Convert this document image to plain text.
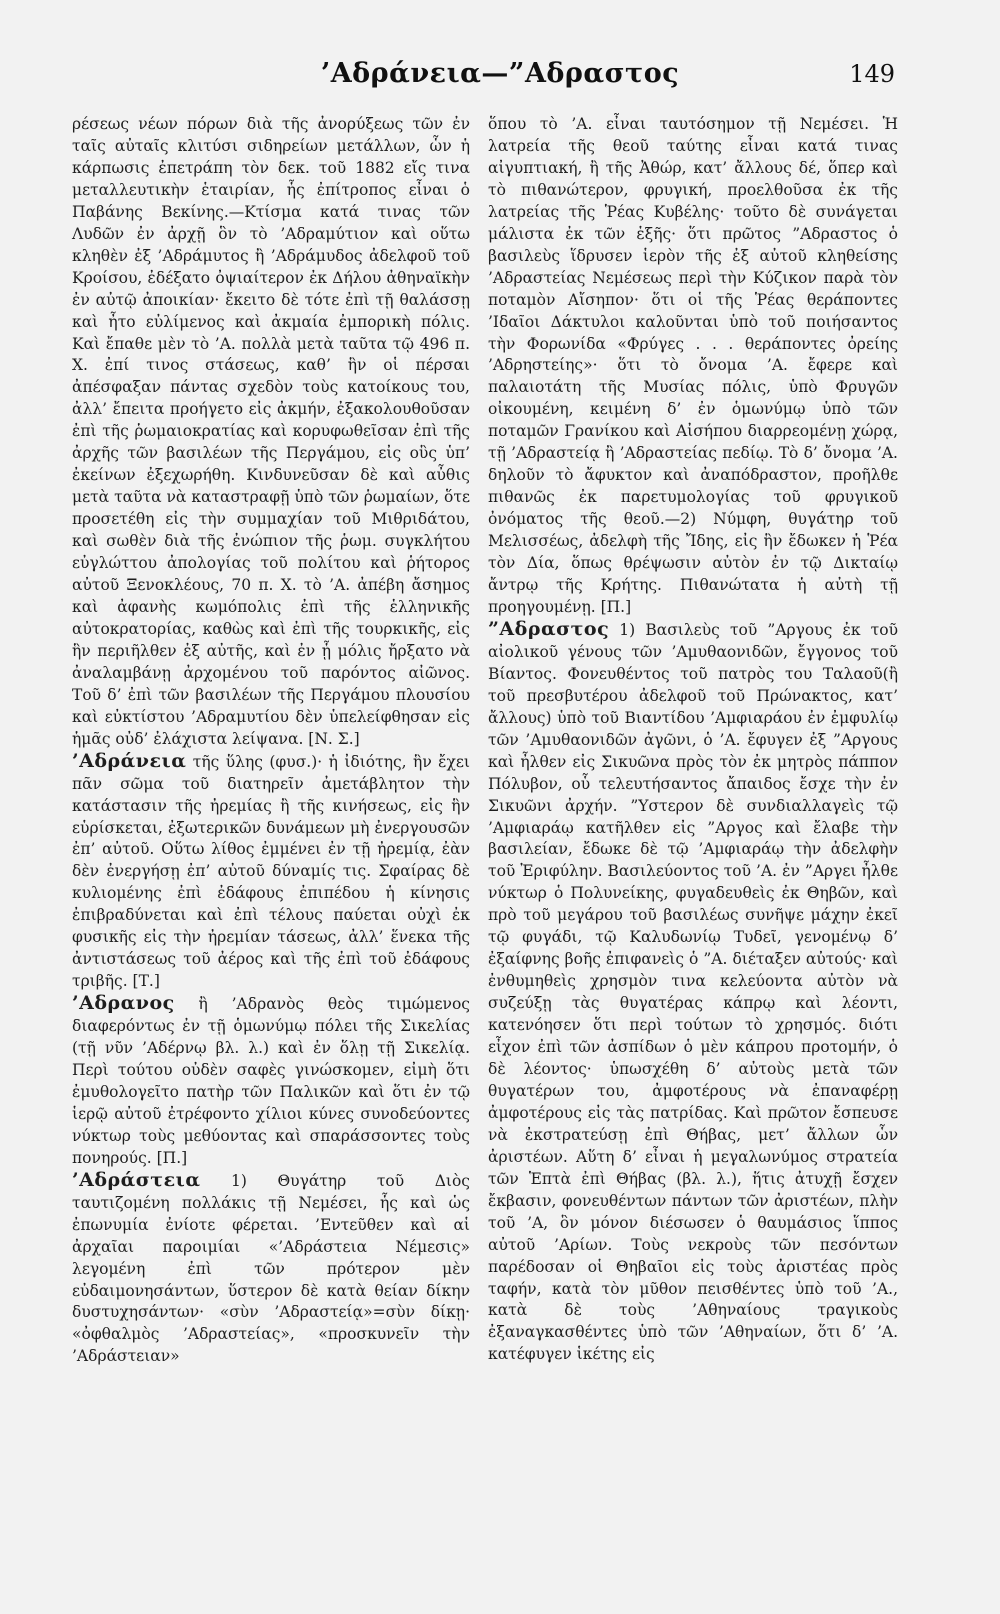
’Αδράνεια—”Αδραστος	149

ρέσεως νέων πόρων διὰ τῆς ἀνορύξεως τῶν ἐν ταῖς αὐταῖς κλιτύσι σιδηρείων μετάλλων, ὧν ἡ κάρπωσις ἐπετράπη τὸν δεκ. τοῦ 1882 εἴς τινα μεταλλευτικὴν ἑταιρίαν, ἧς ἐπίτροπος εἶναι ὁ Παβάνης Βεκίνης.—Κτίσμα κατά τινας τῶν Λυδῶν ἐν ἀρχῇ ὃν τὸ ’Αδραμύτιον καὶ οὕτω κληθὲν ἐξ ’Αδράμυτος ἢ ’Αδράμυδος ἀδελφοῦ τοῦ Κροίσου, ἐδέξατο ὀψιαίτερον ἐκ Δήλου ἀθηναϊκὴν ἐν αὐτῷ ἀποικίαν· ἔκειτο δὲ τότε ἐπὶ τῇ θαλάσσῃ καὶ ἦτο εὐλίμενος καὶ ἀκμαία ἐμπορικὴ πόλις. Καὶ ἔπαθε μὲν τὸ ’Α. πολλὰ μετὰ ταῦτα τῷ 496 π. Χ. ἐπί τινος στάσεως, καθ’ ἣν οἱ πέρσαι ἀπέσφαξαν πάντας σχεδὸν τοὺς κατοίκους του, ἀλλ’ ἔπειτα προήγετο εἰς ἀκμήν, ἐξακολουθοῦσαν ἐπὶ τῆς ῥωμαιοκρατίας καὶ κορυφωθεῖσαν ἐπὶ τῆς ἀρχῆς τῶν βασιλέων τῆς Περγάμου, εἰς οὓς ὑπ’ ἐκείνων ἐξεχωρήθη. Κινδυνεῦσαν δὲ καὶ αὖθις μετὰ ταῦτα νὰ καταστραφῇ ὑπὸ τῶν ῥωμαίων, ὅτε προσετέθη εἰς τὴν συμμαχίαν τοῦ Μιθριδάτου, καὶ σωθὲν διὰ τῆς ἐνώπιον τῆς ῥωμ. συγκλήτου εὐγλώττου ἀπολογίας τοῦ πολίτου καὶ ῥήτορος αὐτοῦ Ξενοκλέους, 70 π. Χ. τὸ ’Α. ἀπέβη ἄσημος καὶ ἀφανὴς κωμόπολις ἐπὶ τῆς ἑλληνικῆς αὐτοκρατορίας, καθὼς καὶ ἐπὶ τῆς τουρκικῆς, εἰς ἣν περιῆλθεν ἐξ αὐτῆς, καὶ ἐν ᾗ μόλις ἤρξατο νὰ ἀναλαμβάνῃ ἀρχομένου τοῦ παρόντος αἰῶνος. Τοῦ δ’ ἐπὶ τῶν βασιλέων τῆς Περγάμου πλουσίου καὶ εὐκτίστου ’Αδραμυτίου δὲν ὑπελείφθησαν εἰς ἡμᾶς οὐδ’ ἐλάχιστα λείψανα. [Ν. Σ.]

’Αδράνεια τῆς ὕλης (φυσ.)· ἡ ἰδιότης, ἣν ἔχει πᾶν σῶμα τοῦ διατηρεῖν ἀμετάβλητον τὴν κατάστασιν τῆς ἠρεμίας ἢ τῆς κινήσεως, εἰς ἣν εὑρίσκεται, ἐξωτερικῶν δυνάμεων μὴ ἐνεργουσῶν ἐπ’ αὐτοῦ. Οὕτω λίθος ἐμμένει ἐν τῇ ἠρεμίᾳ, ἐὰν δὲν ἐνεργήσῃ ἐπ’ αὐτοῦ δύναμίς τις. Σφαίρας δὲ κυλιομένης ἐπὶ ἐδάφους ἐπιπέδου ἡ κίνησις ἐπιβραδύνεται καὶ ἐπὶ τέλους παύεται οὐχὶ ἐκ φυσικῆς εἰς τὴν ἠρεμίαν τάσεως, ἀλλ’ ἕνεκα τῆς ἀντιστάσεως τοῦ ἀέρος καὶ τῆς ἐπὶ τοῦ ἐδάφους τριβῆς. [Τ.]

’Αδρανος ἢ ’Αδρανὸς θεὸς τιμώμενος διαφερόντως ἐν τῇ ὁμωνύμῳ πόλει τῆς Σικελίας (τῇ νῦν ’Αδέρνῳ βλ. λ.) καὶ ἐν ὅλῃ τῇ Σικελίᾳ. Περὶ τούτου οὐδὲν σαφὲς γινώσκομεν, εἰμὴ ὅτι ἐμυθολογεῖτο πατὴρ τῶν Παλικῶν καὶ ὅτι ἐν τῷ ἱερῷ αὐτοῦ ἐτρέφοντο χίλιοι κύνες συνοδεύοντες νύκτωρ τοὺς μεθύοντας καὶ σπαράσσοντες τοὺς πονηρούς. [Π.]

’Αδράστεια 1) Θυγάτηρ τοῦ Διὸς ταυτιζομένη πολλάκις τῇ Νεμέσει, ἧς καὶ ὡς ἐπωνυμία ἐνίοτε φέρεται. ’Εντεῦθεν καὶ αἱ ἀρχαῖαι παροιμίαι «’Αδράστεια Νέμεσις» λεγομένη ἐπὶ τῶν πρότερον μὲν εὐδαιμονησάντων, ὕστερον δὲ κατὰ θείαν δίκην δυστυχησάντων· «σὺν ’Αδραστείᾳ»=σὺν δίκῃ· «ὀφθαλμὸς ’Αδραστείας», «προσκυνεῖν τὴν ’Αδράστειαν»

ὅπου τὸ ’Α. εἶναι ταυτόσημον τῇ Νεμέσει. Ἡ λατρεία τῆς θεοῦ ταύτης εἶναι κατά τινας αἰγυπτιακή, ἢ τῆς Ἀθώρ, κατ’ ἄλλους δέ, ὅπερ καὶ τὸ πιθανώτερον, φρυγική, προελθοῦσα ἐκ τῆς λατρείας τῆς Ῥέας Κυβέλης· τοῦτο δὲ συνάγεται μάλιστα ἐκ τῶν ἑξῆς· ὅτι πρῶτος ”Αδραστος ὁ βασιλεὺς ἵδρυσεν ἱερὸν τῆς ἐξ αὐτοῦ κληθείσης ’Αδραστείας Νεμέσεως περὶ τὴν Κύζικον παρὰ τὸν ποταμὸν Αἴσηπον· ὅτι οἱ τῆς Ῥέας θεράποντες ’Ιδαῖοι Δάκτυλοι καλοῦνται ὑπὸ τοῦ ποιήσαντος τὴν Φορωνίδα «Φρύγες . . . θεράποντες ὀρείης ’Αδρηστείης»· ὅτι τὸ ὄνομα ’Α. ἔφερε καὶ παλαιοτάτη τῆς Μυσίας πόλις, ὑπὸ Φρυγῶν οἰκουμένη, κειμένη δ’ ἐν ὁμωνύμῳ ὑπὸ τῶν ποταμῶν Γρανίκου καὶ Αἰσήπου διαρρεομένῃ χώρᾳ, τῇ ’Αδραστείᾳ ἢ ’Αδραστείας πεδίῳ. Τὸ δ’ ὄνομα ’Α. δηλοῦν τὸ ἄφυκτον καὶ ἀναπόδραστον, προῆλθε πιθανῶς ἐκ παρετυμολογίας τοῦ φρυγικοῦ ὀνόματος τῆς θεοῦ.—2) Νύμφη, θυγάτηρ τοῦ Μελισσέως, ἀδελφὴ τῆς Ἴδης, εἰς ἣν ἔδωκεν ἡ Ῥέα τὸν Δία, ὅπως θρέψωσιν αὐτὸν ἐν τῷ Δικταίῳ ἄντρῳ τῆς Κρήτης. Πιθανώτατα ἡ αὐτὴ τῇ προηγουμένῃ. [Π.]

”Αδραστος 1) Βασιλεὺς τοῦ ”Αργους ἐκ τοῦ αἰολικοῦ γένους τῶν ’Αμυθαονιδῶν, ἔγγονος τοῦ Βίαντος. Φονευθέντος τοῦ πατρὸς του Ταλαοῦ(ἢ τοῦ πρεσβυτέρου ἀδελφοῦ τοῦ Πρώνακτος, κατ’ ἄλλους) ὑπὸ τοῦ Βιαντίδου ’Αμφιαράου ἐν ἐμφυλίῳ τῶν ’Αμυθαονιδῶν ἀγῶνι, ὁ ’Α. ἔφυγεν ἐξ ”Αργους καὶ ἦλθεν εἰς Σικυῶνα πρὸς τὸν ἐκ μητρὸς πάππον Πόλυβον, οὗ τελευτήσαντος ἄπαιδος ἔσχε τὴν ἐν Σικυῶνι ἀρχήν. ”Υστερον δὲ συνδιαλλαγεὶς τῷ ’Αμφιαράῳ κατῆλθεν εἰς ”Αργος καὶ ἔλαβε τὴν βασιλείαν, ἔδωκε δὲ τῷ ’Αμφιαράῳ τὴν ἀδελφὴν τοῦ Ἐριφύλην. Βασιλεύοντος τοῦ ’Α. ἐν ”Αργει ἦλθε νύκτωρ ὁ Πολυνείκης, φυγαδευθεὶς ἐκ Θηβῶν, καὶ πρὸ τοῦ μεγάρου τοῦ βασιλέως συνῆψε μάχην ἐκεῖ τῷ φυγάδι, τῷ Καλυδωνίῳ Τυδεῖ, γενομένῳ δ’ ἐξαίφνης βοῆς ἐπιφανεὶς ὁ ”Α. διέταξεν αὐτούς· καὶ ἐνθυμηθεὶς χρησμὸν τινα κελεύοντα αὐτὸν νὰ συζεύξῃ τὰς θυγατέρας κάπρῳ καὶ λέοντι, κατενόησεν ὅτι περὶ τούτων τὸ χρησμός. διότι εἶχον ἐπὶ τῶν ἀσπίδων ὁ μὲν κάπρου προτομήν, ὁ δὲ λέοντος· ὑπωσχέθη δ’ αὐτοὺς μετὰ τῶν θυγατέρων του, ἀμφοτέρους νὰ ἐπαναφέρῃ ἀμφοτέρους εἰς τὰς πατρίδας. Καὶ πρῶτον ἔσπευσε νὰ ἐκστρατεύσῃ ἐπὶ Θήβας, μετ’ ἄλλων ὧν ἀριστέων. Αὕτη δ’ εἶναι ἡ μεγαλωνύμος στρατεία τῶν Ἑπτὰ ἐπὶ Θήβας (βλ. λ.), ἥτις ἀτυχῇ ἔσχεν ἔκβασιν, φονευθέντων πάντων τῶν ἀριστέων, πλὴν τοῦ ’Α, ὃν μόνον διέσωσεν ὁ θαυμάσιος ἵππος αὐτοῦ ’Αρίων. Τοὺς νεκροὺς τῶν πεσόντων παρέδοσαν οἱ Θηβαῖοι εἰς τοὺς ἀριστέας πρὸς ταφήν, κατὰ τὸν μῦθον πεισθέντες ὑπὸ τοῦ ’Α., κατὰ δὲ τοὺς ’Αθηναίους τραγικοὺς ἐξαναγκασθέντες ὑπὸ τῶν ’Αθηναίων, ὅτι δ’ ’Α. κατέφυγεν ἱκέτης εἰς
